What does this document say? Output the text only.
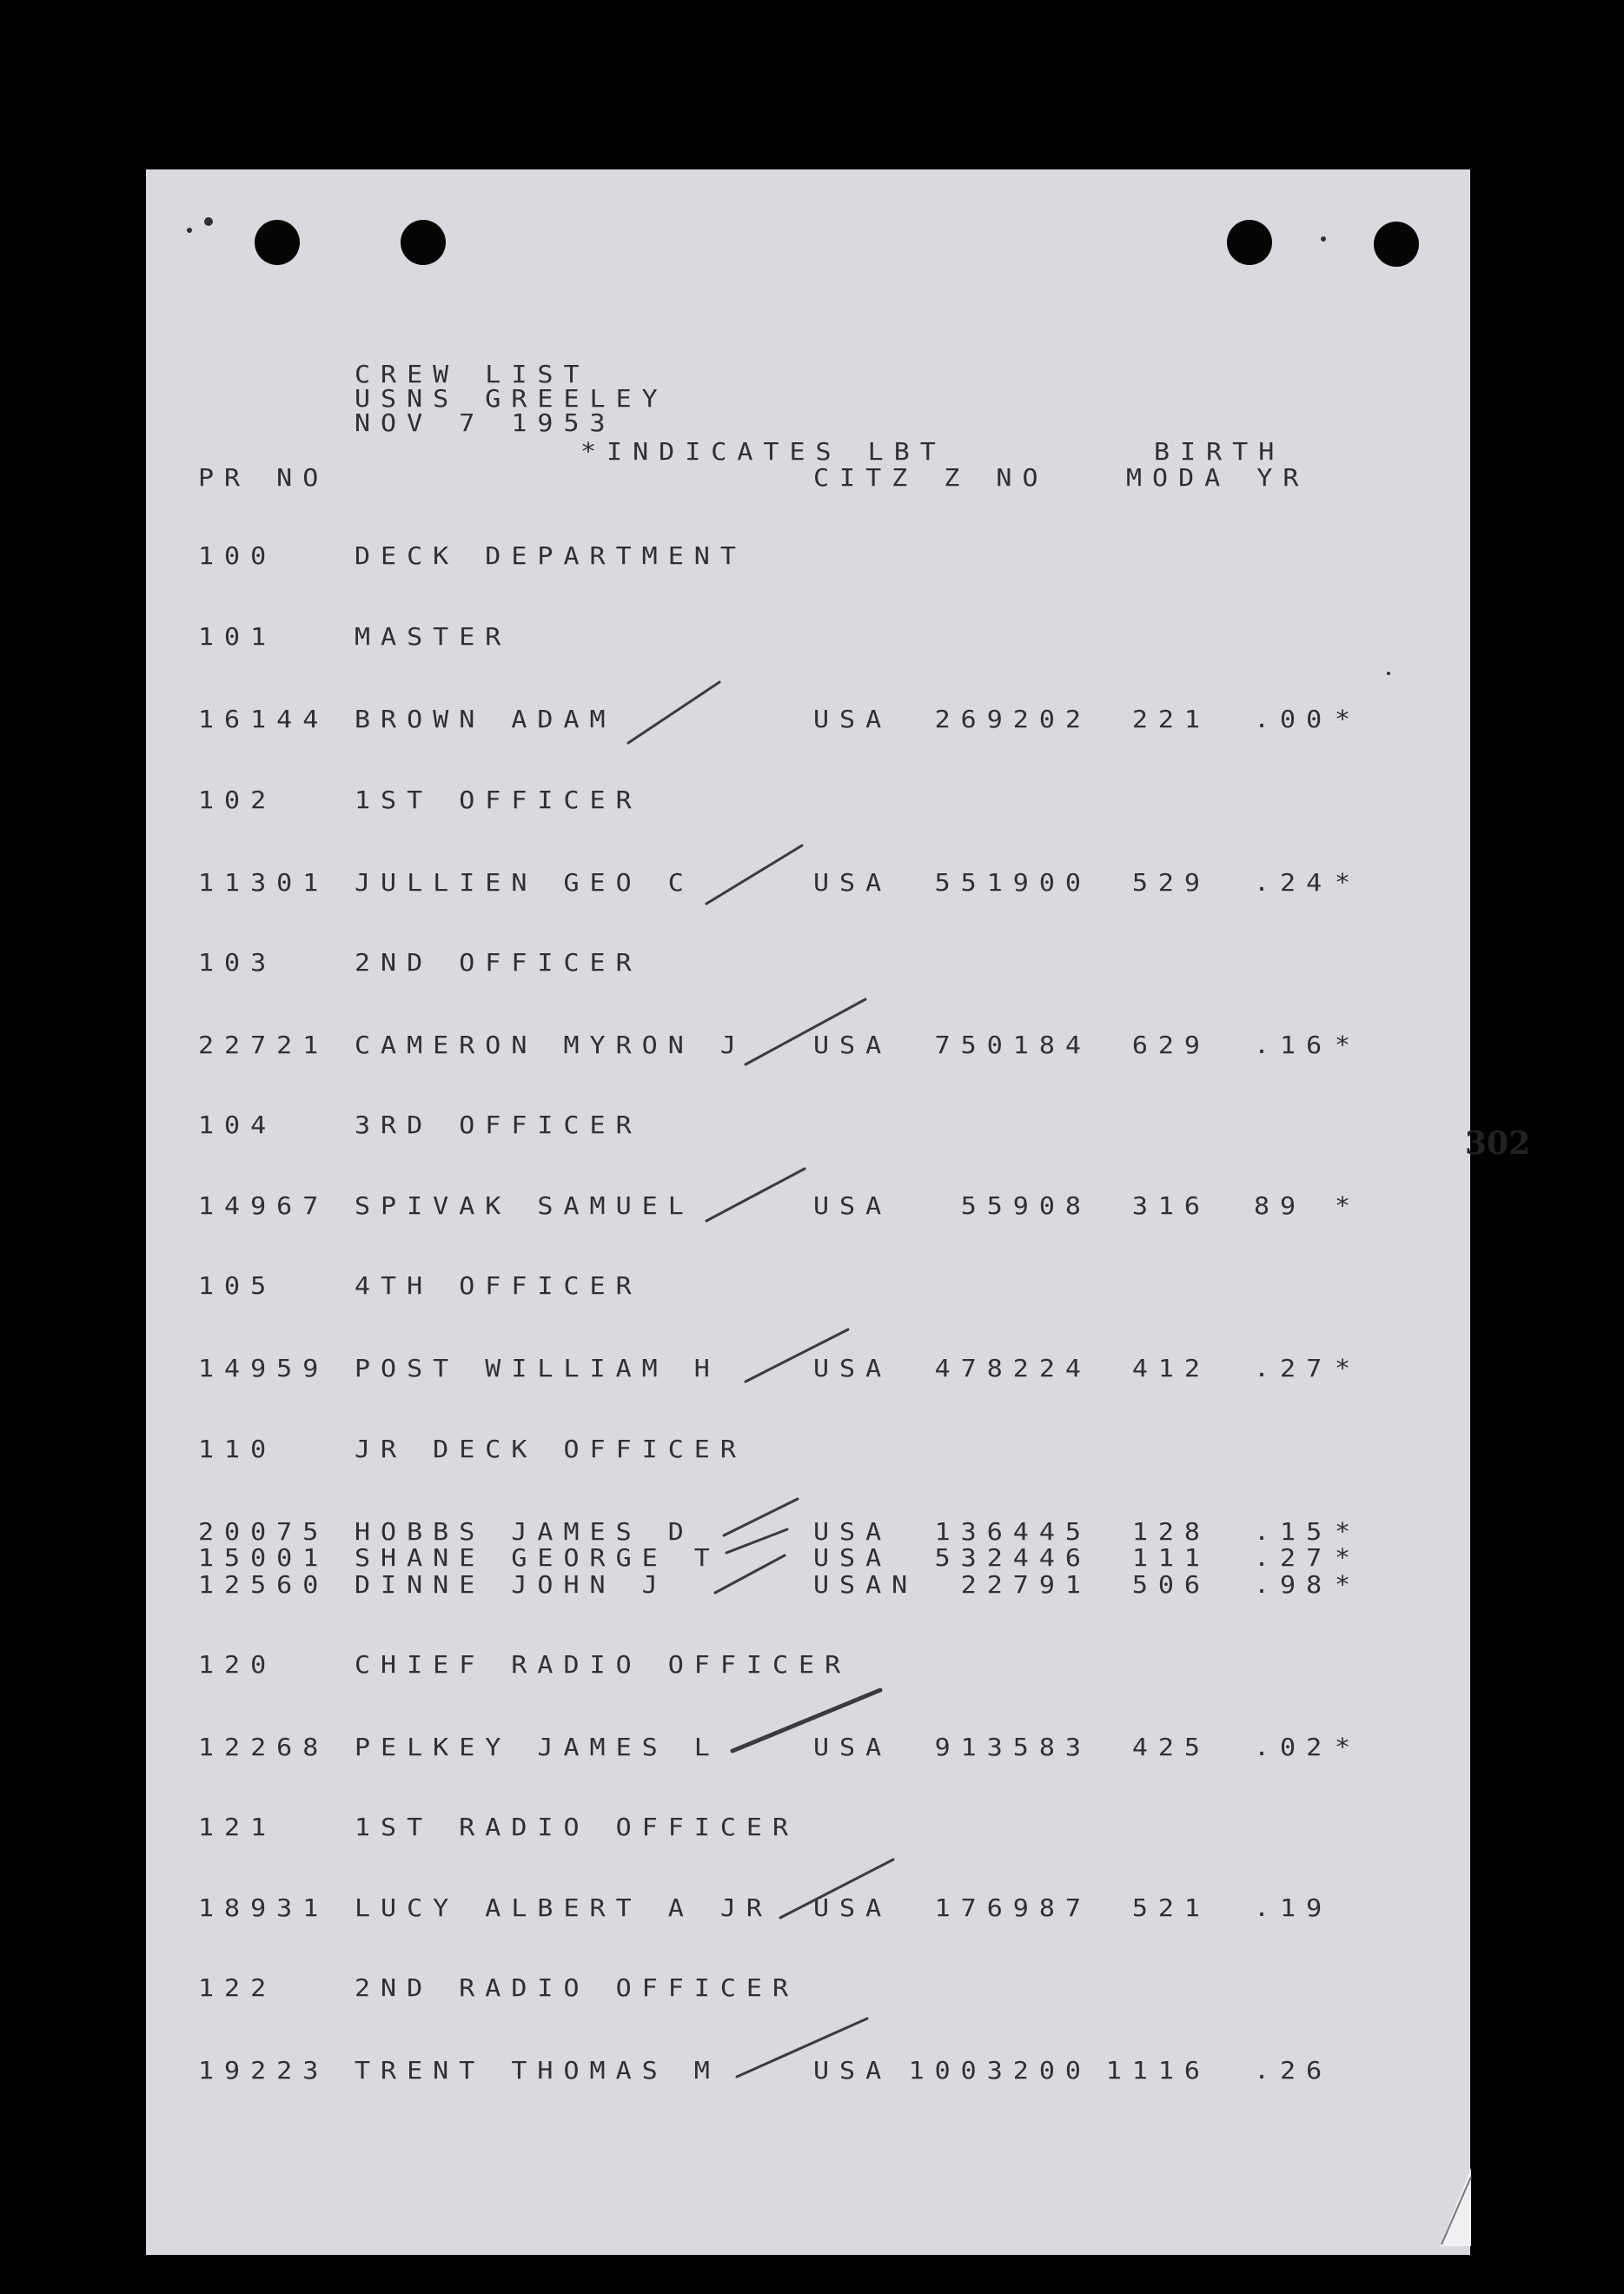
CREW LIST
USNS GREELEY
NOV 7 1953
*INDICATES LBT	BIRTH
PR NO	CITZ Z NO	MODA YR
302
100	DECK DEPARTMENT
101	MASTER
16144 BROWN ADAM	USA 269202 221 .00 *
102	1ST OFFICER
11301 JULLIEN GEO C	USA 551900 529 .24 *
103	2ND OFFICER
22721 CAMERON MYRON J	USA 750184 629 .16 *
104	3RD OFFICER
14967 SPIVAK SAMUEL	USA	55908 316 89 *
105	4TH OFFICER
14959 POST WILLIAM H	USA 478224 412 .27 *
110	JR DECK OFFICER
20075 HOBBS JAMES D	USA 136445 128 .15 *
15001 SHANE GEORGE T	USA 532446 111 .27 *
12560 DINNE JOHN J	USAN 22791 506 .98 *
120	CHIEF RADIO OFFICER
12268 PELKEY JAMES L	USA 913583 425 .02 *
121	1ST RADIO OFFICER
18931 LUCY ALBERT A JR USA 176987 521 .19
122	2ND RADIO OFFICER
19223 TRENT THOMAS M	USA 1003200 1116 .26
